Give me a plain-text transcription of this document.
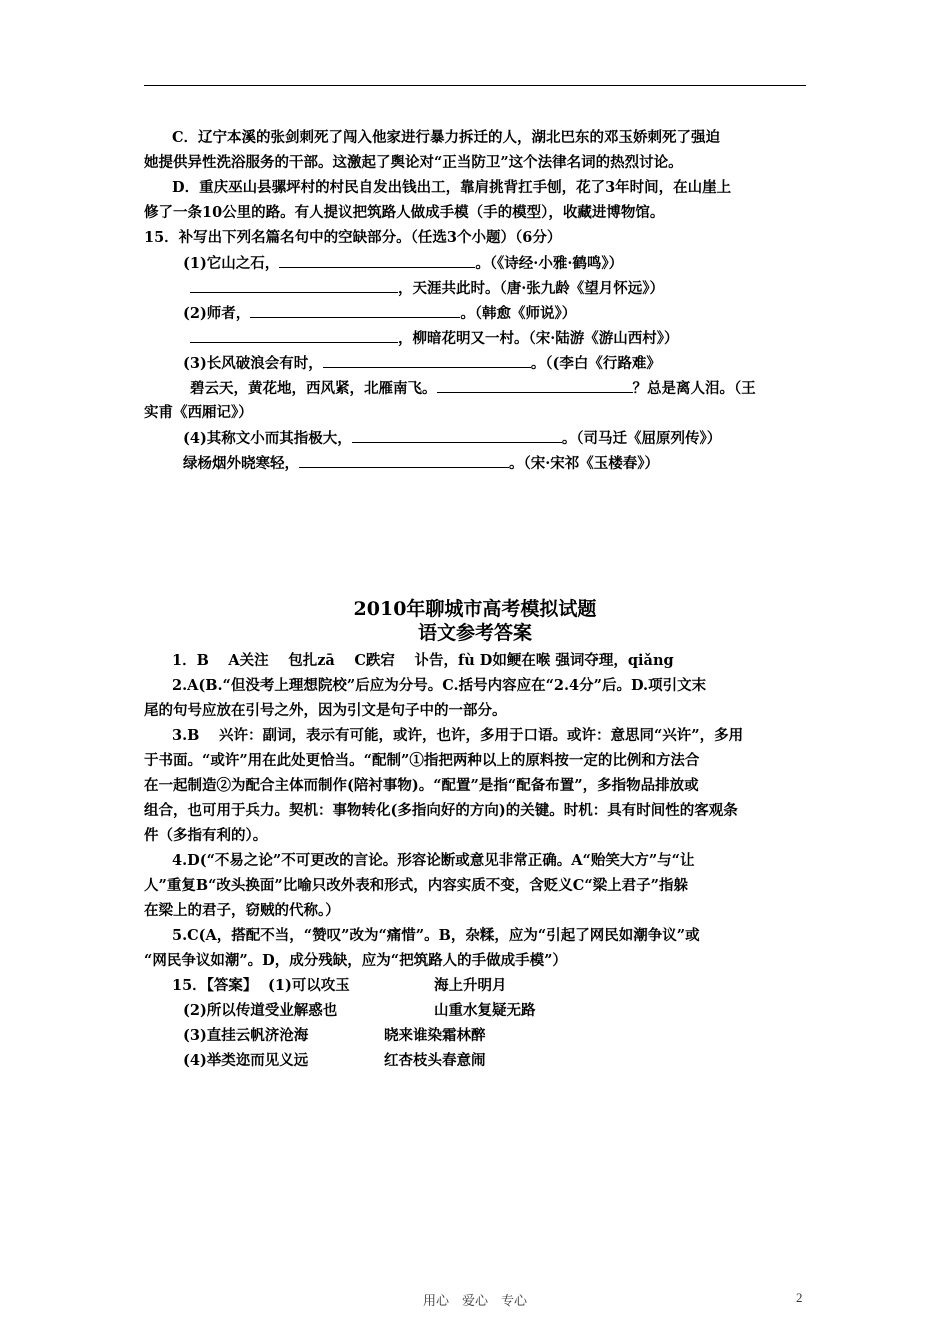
C．辽宁本溪的张剑刺死了闯入他家进行暴力拆迁的人，湖北巴东的邓玉娇刺死了强迫
她提供异性洗浴服务的干部。这激起了舆论对“正当防卫”这个法律名词的热烈讨论。
D．重庆巫山县骡坪村的村民自发出钱出工，靠肩挑背扛手刨，花了3年时间，在山崖上
修了一条10公里的路。有人提议把筑路人做成手模（手的模型），收藏进博物馆。
15．补写出下列名篇名句中的空缺部分。（任选3个小题）（6分）
(1)它山之石，	。（《诗经·小雅·鹤鸣》）
，天涯共此时。（唐·张九龄《望月怀远》）
(2)师者，	。（韩愈《师说》）
，柳暗花明又一村。（宋·陆游《游山西村》）
(3)长风破浪会有时，	。（(李白《行路难》
碧云天，黄花地，西风紧，北雁南飞。	？总是离人泪。（王
实甫《西厢记》）
(4)其称文小而其指极大，	。（司马迁《屈原列传》）
绿杨烟外晓寒轻，	。（宋·宋祁《玉楼春》）
2010年聊城市高考模拟试题
语文参考答案
1．B　 A关注　 包扎zā　 C跌宕　 讣告，fù D如鲠在喉 强词夺理，qiǎng
2.A(B.“但没考上理想院校”后应为分号。C.括号内容应在“2.4分”后。D.项引文末
尾的句号应放在引号之外，因为引文是句子中的一部分。
3.B　 兴许：副词，表示有可能，或许，也许，多用于口语。或许：意思同“兴许”，多用
于书面。“或许”用在此处更恰当。“配制”①指把两种以上的原料按一定的比例和方法合
在一起制造②为配合主体而制作(陪衬事物)。“配置”是指“配备布置”，多指物品排放或
组合，也可用于兵力。契机：事物转化(多指向好的方向)的关键。时机：具有时间性的客观条
件（多指有利的）。
4.D(“不易之论”不可更改的言论。形容论断或意见非常正确。A“贻笑大方”与“让
人”重复B“改头换面”比喻只改外表和形式，内容实质不变，含贬义C“梁上君子”指躲
在梁上的君子，窃贼的代称。）
5.C(A，搭配不当，“赞叹”改为“痛惜”。B，杂糅，应为“引起了网民如潮争议”或
“网民争议如潮”。D，成分残缺，应为“把筑路人的手做成手模”）
15．【答案】 (1)可以攻玉	海上升明月
(2)所以传道受业解惑也	山重水复疑无路
(3)直挂云帆济沧海	晓来谁染霜林醉
(4)举类迩而见义远	红杏枝头春意闹
用心　爱心　专心	2
